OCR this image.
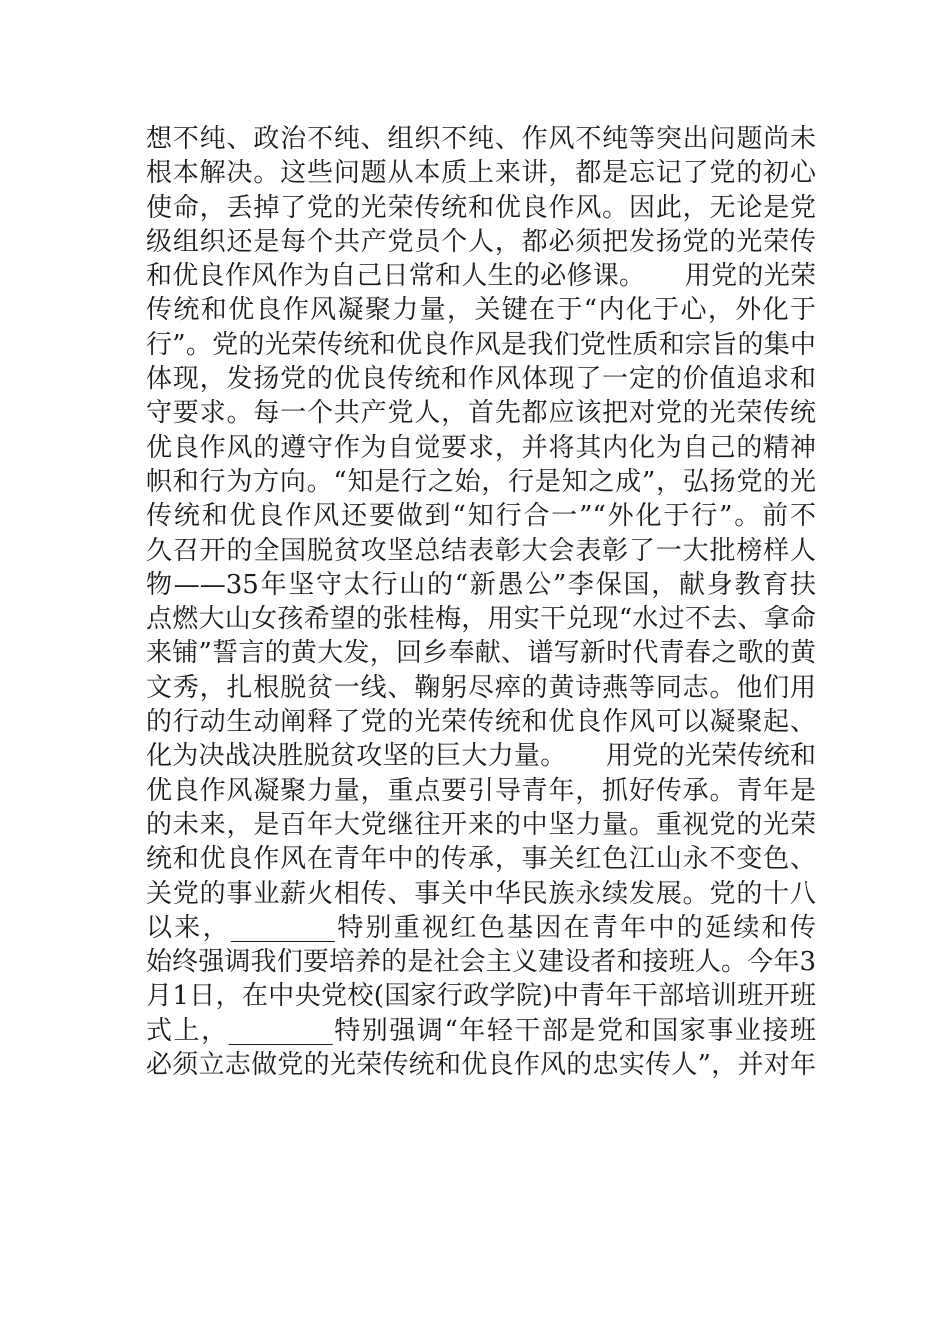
想不纯、政治不纯、组织不纯、作风不纯等突出问题尚未
根本解决。这些问题从本质上来讲，都是忘记了党的初心
使命，丢掉了党的光荣传统和优良作风。因此，无论是党
级组织还是每个共产党员个人，都必须把发扬党的光荣传
和优良作风作为自己日常和人生的必修课。　　用党的光荣
传统和优良作风凝聚力量，关键在于“内化于心，外化于
行”。党的光荣传统和优良作风是我们党性质和宗旨的集中
体现，发扬党的优良传统和作风体现了一定的价值追求和
守要求。每一个共产党人，首先都应该把对党的光荣传统
优良作风的遵守作为自觉要求，并将其内化为自己的精神
帜和行为方向。“知是行之始，行是知之成”，弘扬党的光
传统和优良作风还要做到“知行合一”“外化于行”。前不
久召开的全国脱贫攻坚总结表彰大会表彰了一大批榜样人
物——35年坚守太行山的“新愚公”李保国，献身教育扶
点燃大山女孩希望的张桂梅，用实干兑现“水过不去、拿命
来铺”誓言的黄大发，回乡奉献、谱写新时代青春之歌的黄
文秀，扎根脱贫一线、鞠躬尽瘁的黄诗燕等同志。他们用
的行动生动阐释了党的光荣传统和优良作风可以凝聚起、
化为决战决胜脱贫攻坚的巨大力量。　　用党的光荣传统和
优良作风凝聚力量，重点要引导青年，抓好传承。青年是
的未来，是百年大党继往开来的中坚力量。重视党的光荣
统和优良作风在青年中的传承，事关红色江山永不变色、
关党的事业薪火相传、事关中华民族永续发展。党的十八
以来，________特别重视红色基因在青年中的延续和传
始终强调我们要培养的是社会主义建设者和接班人。今年3
月1日，在中央党校(国家行政学院)中青年干部培训班开班
式上，________特别强调“年轻干部是党和国家事业接班
必须立志做党的光荣传统和优良作风的忠实传人”，并对年
